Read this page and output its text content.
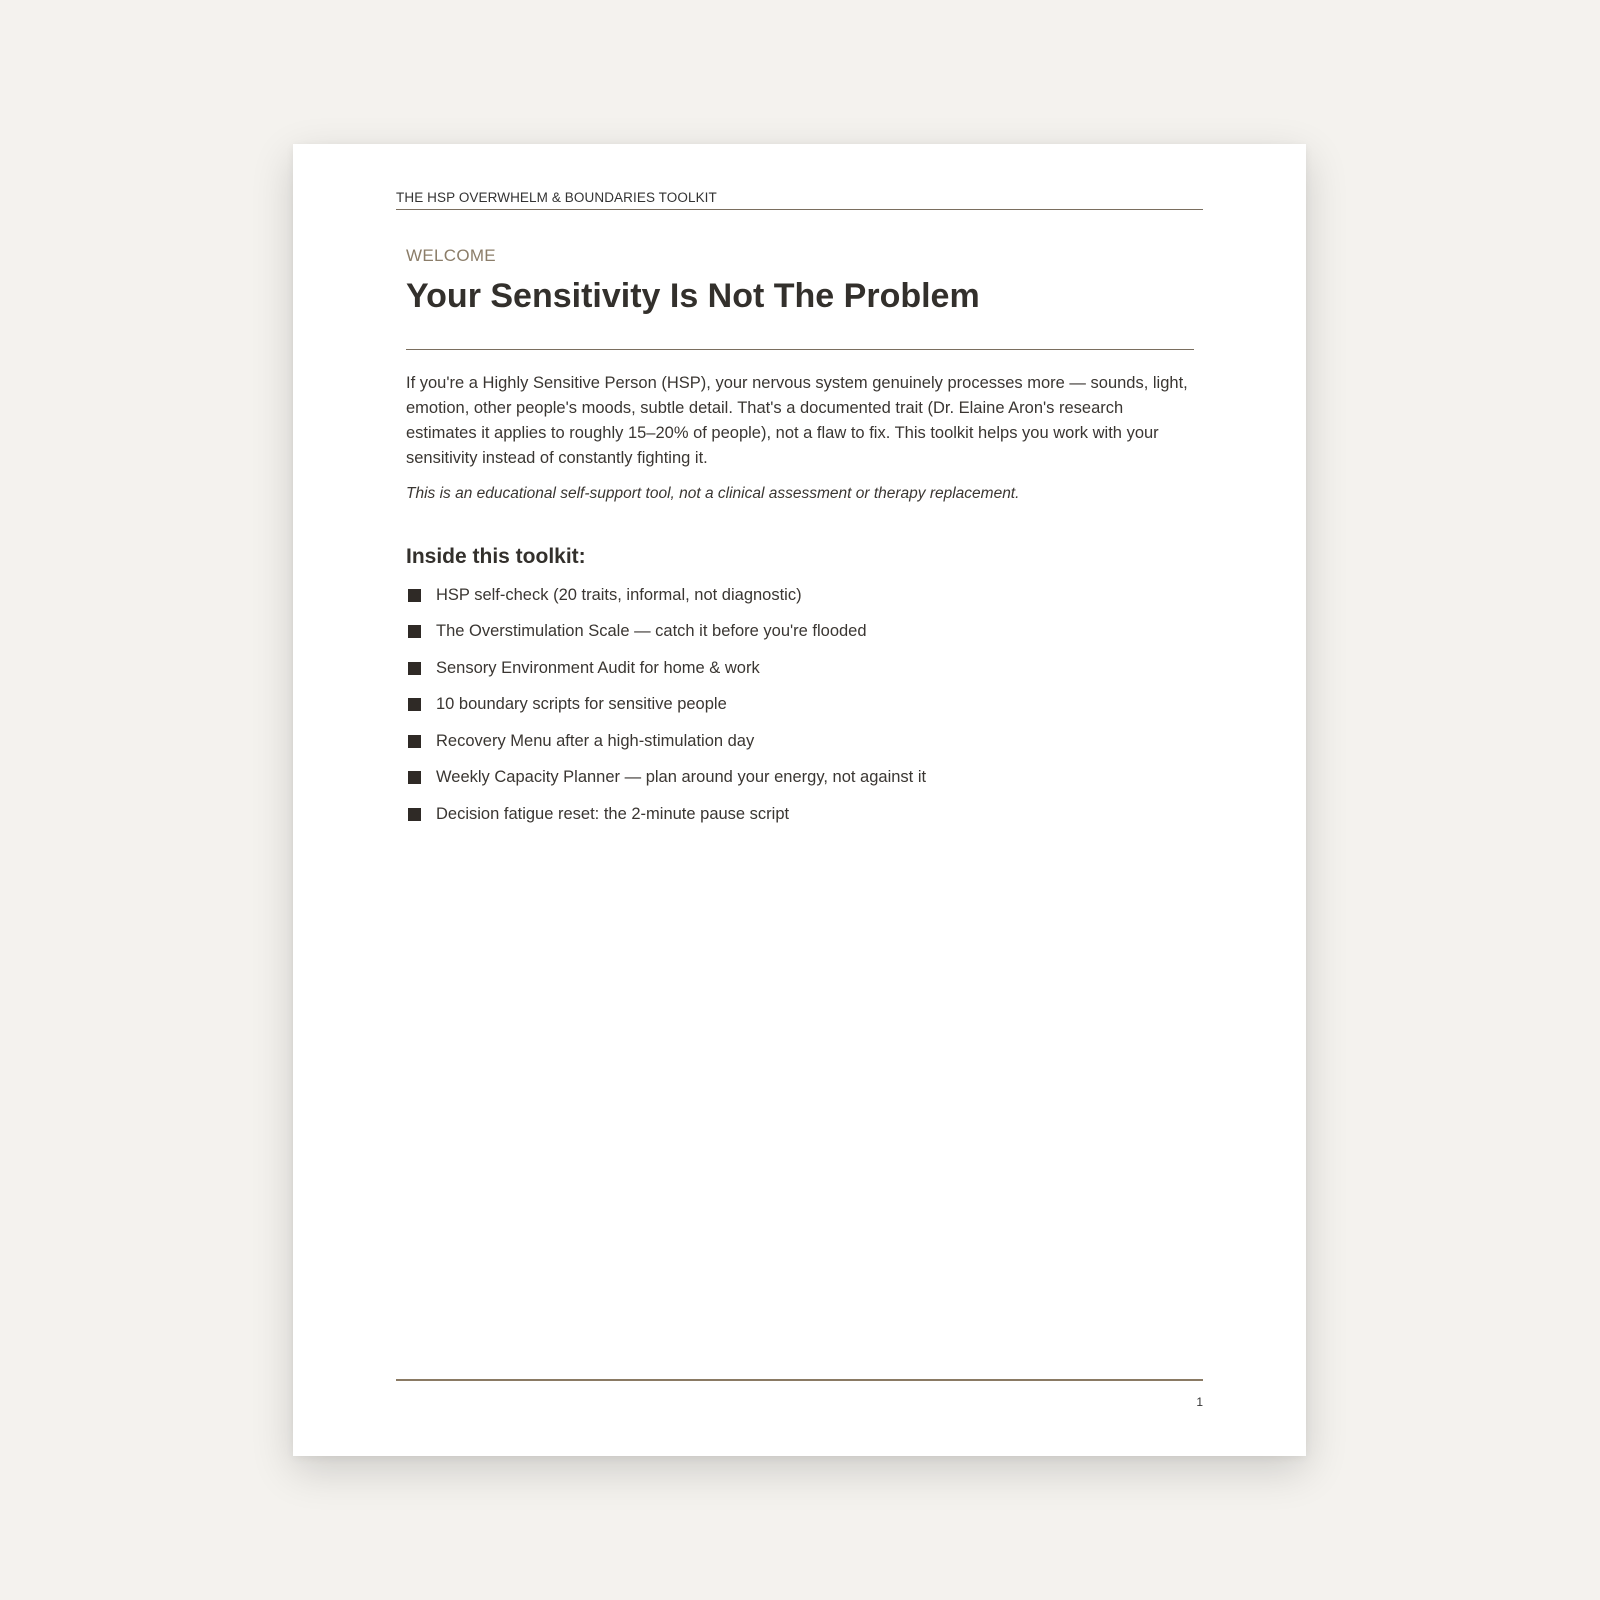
THE HSP OVERWHELM & BOUNDARIES TOOLKIT

WELCOME

Your Sensitivity Is Not The Problem

If you're a Highly Sensitive Person (HSP), your nervous system genuinely processes more — sounds, light, emotion, other people's moods, subtle detail. That's a documented trait (Dr. Elaine Aron's research estimates it applies to roughly 15–20% of people), not a flaw to fix. This toolkit helps you work with your sensitivity instead of constantly fighting it.

This is an educational self-support tool, not a clinical assessment or therapy replacement.

Inside this toolkit:
HSP self-check (20 traits, informal, not diagnostic)
The Overstimulation Scale — catch it before you're flooded
Sensory Environment Audit for home & work
10 boundary scripts for sensitive people
Recovery Menu after a high-stimulation day
Weekly Capacity Planner — plan around your energy, not against it
Decision fatigue reset: the 2-minute pause script
1
